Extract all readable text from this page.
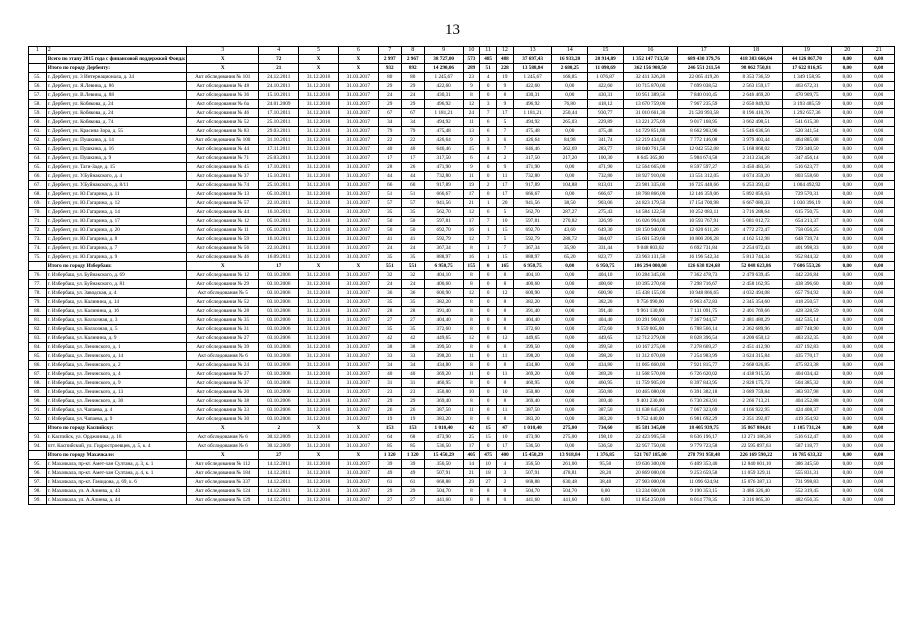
13
1	2	3	4	5	6	7	8	9	10	11	12	13	14	15	16	17	18	19	20	21
	Всего по этапу 2015 года с финансовой поддержкой Фонда:	X	72	X	X	2 997	2 967	38 727,00	573	485	488	37 697,43	16 933,20	20 914,09	1 352 147 713,50	689 430 379,76	418 383 666,04	44 126 867,70	0,00	0,00
	Итого по городу Дербенту:	X	21	X	X	932	892	14 290,06	289	51	228	13 588,84	2 680,25	11 098,69	362 156 908,50	246 551 211,54	98 062 750,81	17 622 816,95	0,00	0,00
55.	г. Дербент, ул. 3 Интернационала, д. 34	Акт обследования № 101	24.12.2011	31.12.2016	31.03.2017	80	80	1 245,67	23	4	19	1 245,67	168,85	1 076,87	32 411 326,20	22 065 419,26	8 353 736,59	1 349 158,95	0,00	0,00
56.	г. Дербент, ул. Я.Левина, д. 86	Акт обследования № 48	24.10.2011	31.12.2016	31.03.2017	29	29	422,60	9	0	9	422,60	0,00	422,60	10 715 870,00	7 699 038,52	2 563 159,17	463 672,31	0,00	0,00
57.	г. Дербент, ул. В.Левина, д. 88	Акт обследования № 36	15.10.2011	31.12.2016	31.03.2017	24	24	430,31	8	0	8	430,31	0,00	430,31	10 951 389,56	7 840 010,45	2 646 469,20	470 909,75	0,00	0,00
58.	г. Дербент, ул. Кобякова, д. 24	Акт обследования № 6а	24.01.2009	31.12.2016	31.03.2017	29	29	496,92	12	3	9	496,92	76,80	418,12	13 670 759,00	7 967 235,59	2 650 849,92	3 193 485,59	0,00	0,00
59.	г. Дербент, ул. Кобякова, д. 24	Акт обследования № 46	17.10.2011	31.12.2016	31.03.2017	67	67	1 181,21	24	7	17	1 181,21	250,44	930,77	31 010 661,30	21 520 993,58	8 196 410,76	1 292 657,36	0,00	0,00
60.	г. Дербент, ул. Кобякова, д. 74	Акт обследования № 52	25.10.2011	31.12.2016	31.03.2017	34	34	494,92	11	6	5	494,92	265,03	229,89	13 221 275,69	9 017 168,95	3 662 490,51	541 615,30	0,00	0,00
61.	г. Дербент, ул. Красина Зора, д. 55	Акт обследования № 83	29.03.2011	31.12.2016	31.03.2017	79	79	475,48	13	6	7	475,48	0,00	475,48	14 729 851,80	8 662 903,90	5 546 636,56	520 341,54	0,00	0,00
62.	г. Дербент, ул. Пушкина, д. 14	Акт обследования № 100	31.10.2011	31.12.2016	31.03.2017	22	22	426,64	9	3	6	426,64	84,98	341,74	12 219 434,60	7 772 146,08	3 979 403,44	464 885,08	0,00	0,00
63.	г. Дербент, ул. Пушкина, д. 16	Акт обследования № 44	17.11.2011	31.12.2016	31.03.2017	40	40	646,46	15	8	7	646,46	362,69	283,77	18 040 761,50	12 042 552,08	5 168 868,02	729 340,50	0,00	0,00
64.	г. Дербент, ул. Пушкина, д. 9	Акт обследования № 71	25.03.2011	31.12.2016	31.03.2017	17	17	317,50	6	4	2	317,50	217,20	100,30	8 645 365,80	5 984 674,58	2 313 234,28	347 456,14	0,00	0,00
65.	г. Дербент, ул. Таги-Заде, д. 15	Акт обследования № 45	17.10.2011	31.12.2016	31.03.2017	28	26	471,90	9	0	9	471,90	0,00	471,90	12 564 665,00	8 597 597,27	3 450 483,56	516 623,77	0,00	0,00
66.	г. Дербент, ул. У.Буйнакского, д. 4	Акт обследования № 37	15.10.2011	31.12.2016	31.03.2017	44	44	732,80	11	0	11	732,80	0,00	732,80	18 927 910,00	13 551 312,05	4 674 359,20	803 558,60	0,00	0,00
67.	г. Дербент, ул. У.Буйнакского, д. 8/11	Акт обследования № 74	25.10.2011	31.12.2016	31.03.2017	66	60	917,89	19	2	17	917,89	104,88	813,01	23 981 335,00	16 725 448,66	6 253 393,42	1 004 492,92	0,00	0,00
68.	г. Дербент, ул. Ю.Гагарина, д. 11	Акт обследования № 13	05.10.2011	31.12.2016	31.03.2017	51	51	666,67	17	0	17	666,67	0,00	666,67	18 768 866,00	12 146 359,06	5 892 856,63	729 570,31	0,00	0,00
69.	г. Дербент, ул. Ю.Гагарина, д. 12	Акт обследования № 57	22.10.2011	31.12.2016	31.03.2017	57	57	941,56	21	1	20	941,56	38,50	903,06	24 823 179,50	17 154 700,98	6 667 080,33	1 030 396,19	0,00	0,00
70.	г. Дербент, ул. Ю.Гагарина, д. 14	Акт обследования № 44	16.10.2011	31.12.2016	31.03.2017	35	35	562,70	12	6	5	562,70	287,27	275,43	14 584 122,50	10 252 083,11	3 716 288,64	615 750,75	0,00	0,00
71.	г. Дербент, ул. Ю.Гагарина, д. 17	Акт обследования № 12	05.10.2011	31.12.2016	31.03.2017	50	50	597,81	17	7	10	597,81	270,82	326,99	16 026 994,00	10 593 767,91	5 081 012,72	654 213,37	0,00	0,00
72.	г. Дербент, ул. Ю.Гагарина, д. 20	Акт обследования № 11	05.10.2011	31.12.2016	31.03.2017	50	50	692,70	16	1	15	692,70	43,60	649,30	18 150 940,00	12 620 611,26	4 772 272,47	758 056,25	0,00	0,00
73.	г. Дербент, ул. Ю.Гагарина, д. 8	Акт обследования № 59	16.10.2011	31.12.2016	31.03.2017	41	41	592,79	12	7	5	592,79	288,72	304,07	15 601 539,60	10 800 206,28	4 162 512,98	648 739,74	0,00	0,00
74.	г. Дербент, ул. Ю.Гагарина, д. 7	Акт обследования № 56	22.10.2011	31.12.2016	31.03.2017	24	24	367,34	8	1	7	367,34	35,90	331,44	9 048 803,02	6 692 731,84	2 254 072,43	401 998,33	0,00	0,00
75.	г. Дербент, ул. Ю.Гагарина, д. 9	Акт обследования № 46	16.09.2011	31.12.2016	31.03.2017	35	35	888,97	16	1	15	888,97	65,20	823,77	23 963 131,50	16 196 542,34	5 813 744,34	952 844,32	0,00	0,00
	Итого по городу Избербаш:	X	17	X	X	551	551	6 950,75	155	0	165	6 950,75	0,00	6 950,75	186 294 000,00	126 638 824,68	52 048 623,86	7 606 553,26	0,00	0,00
76.	г. Избербаш, ул. Буйнакского, д. 69	Акт обследования № 12	03.10.2006	31.12.2016	31.03.2017	32	32	404,10	8	0	8	404,10	0,00	404,10	10 284 345,00	7 362 478,73	2 479 639,45	442 226,84	0,00	0,00
77.	г. Избербаш, ул. Буйнакского, д. 81	Акт обследования № 29	03.10.2006	31.12.2016	31.03.2017	24	24	400,60	8	0	8	400,60	0,00	400,60	10 395 270,60	7 298 716,67	2 458 162,95	438 396,60	0,00	0,00
78.	г. Избербаш, ул. Заводская, д. 4	Акт обследования № 5	03.10.2006	31.12.2016	31.03.2017	36	36	600,90	12	0	12	600,90	0,00	600,90	15 438 155,00	10 948 866,65	4 032 494,08	657 794,92	0,00	0,00
79.	г. Избербаш, ул. Калинина, д. 14	Акт обследования № 52	03.10.2006	31.12.2016	31.03.2017	35	35	382,20	8	0	8	382,20	0,00	382,20	9 756 990,00	6 963 472,83	2 345 354,60	418 250,57	0,00	0,00
80.	г. Избербаш, ул. Калинина, д. 16	Акт обследования № 28	03.10.2006	31.12.2016	31.03.2017	28	28	391,40	8	0	8	391,40	0,00	391,40	9 961 130,00	7 131 091,75	2 401 769,66	428 328,59	0,00	0,00
81.	г. Избербаш, ул. Колхозная, д. 3	Акт обследования № 35	03.10.2006	31.12.2016	31.03.2017	27	27	404,40	8	0	8	404,40	0,00	404,40	10 291 960,00	7 367 944,57	2 481 480,29	442 535,14	0,00	0,00
82.	г. Избербаш, ул. Колхозная, д. 5	Акт обследования № 31	03.10.2006	31.12.2016	31.03.2017	35	35	372,60	8	0	8	372,60	0,00	372,60	9 559 005,00	6 788 566,14	2 362 689,96	407 748,90	0,00	0,00
83.	г. Избербаш, ул. Калинина, д. 9	Акт обследования № 27	03.10.2006	31.12.2016	31.03.2017	42	42	449,65	12	0	12	449,65	0,00	449,65	12 712 279,00	8 028 396,54	4 200 650,12	483 232,35	0,00	0,00
84.	г. Избербаш, ул. Ленинского, д. 1	Акт обследования № 39	03.10.2006	31.12.2016	31.03.2017	38	38	399,50	8	0	8	399,50	0,00	399,50	10 167 275,00	7 278 669,27	2 451 412,90	437 192,83	0,00	0,00
85.	г. Избербаш, ул. Ленинского, д. 14	Акт обследования № 6	03.10.2006	31.12.2016	31.03.2017	33	33	398,20	11	0	11	398,20	0,00	398,20	11 312 070,00	7 254 983,99	3 624 315,84	435 770,17	0,00	0,00
86.	г. Избербаш, ул. Ленинского, д. 2	Акт обследования № 24	03.10.2006	31.12.2016	31.03.2017	34	34	434,80	8	0	8	434,80	0,00	434,80	11 065 660,00	7 921 815,77	2 668 026,85	475 823,38	0,00	0,00
87.	г. Избербаш, ул. Ленинского, д. 4	Акт обследования № 27	03.10.2006	31.12.2016	31.03.2017	40	40	369,20	11	0	11	369,20	0,00	369,20	11 568 570,00	6 726 620,02	4 438 915,56	404 034,42	0,00	0,00
88.	г. Избербаш, ул. Ленинского, д. 9	Акт обследования № 37	03.10.2006	31.12.2016	31.03.2017	31	31	460,95	8	0	8	460,95	0,00	460,95	11 759 905,00	8 397 843,95	2 828 175,73	504 385,32	0,00	0,00
89.	г. Избербаш, ул. Ленинского, д. 13	Акт обследования № 20	03.10.2006	31.12.2016	31.03.2017	23	23	350,80	10	0	10	350,80	0,00	350,80	10 465 080,00	6 391 382,18	3 689 759,84	383 937,98	0,00	0,00
90.	г. Избербаш, ул. Ленинского, д. 30	Акт обследования № 38	03.10.2006	31.12.2016	31.03.2017	29	29	369,40	8	0	8	369,40	0,00	369,40	9 401 230,00	6 730 263,91	2 266 713,21	404 252,88	0,00	0,00
91.	г. Избербаш, ул. Чапаева, д. 4	Акт обследования № 33	03.10.2006	31.12.2016	31.03.2017	26	26	387,50	11	0	11	387,50	0,00	387,50	11 638 645,00	7 067 323,69	4 166 922,95	424 408,37	0,00	0,00
92.	г. Избербаш, ул. Чапаева, д. 9	Акт обследования № 30	03.10.2006	31.12.2016	31.03.2017	19	19	383,20	8	0	8	383,20	0,00	383,20	9 752 440,00	6 981 692,29	2 351 392,87	419 354,92	0,00	0,00
	Итого по городу Каспийску:	X	2	X	X	153	153	1 010,40	42	15	47	1 010,40	275,00	734,60	85 581 345,00	18 405 939,75	35 867 884,01	1 105 731,24	0,00	0,00
93.	г. Каспийск, ул. Орджоника, д. 16	Акт обследования № 6	30.12.2009	31.12.2016	31.03.2017	64	68	473,90	25	15	10	473,90	275,00	198,10	22 423 995,50	8 636 196,17	13 271 186,36	516 612,47	0,00	0,00
94.	пгт. Каспийский, ул. Гидростроевцев, д. 5, к. 4	Акт обследования № 6	30.12.2009	31.12.2016	31.03.2017	85	85	536,50	17	0	17	536,50	0,00	536,50	32 957 750,00	9 779 723,58	22 595 897,63	587 118,77	0,00	0,00
	Итого по городу Махачкале:	X	27	X	X	1 320	1 320	15 450,29	405	475	400	15 450,29	13 918,84	1 376,85	521 767 185,00	278 791 958,48	226 169 590,22	16 785 633,32	0,00	0,00
95.	г. Махачкала, пр-кт. Амет-хан Султана, д. 3, к. 1	Акт обследования № 112	14.12.2011	31.12.2016	31.03.2017	39	39	356,50	14	10	4	356,50	261,00	95,50	19 636 300,00	6 409 353,40	12 840 601,10	386 345,50	0,00	0,00
96.	г. Махачкала, пр-кт. Амет-хан Султана, д. 4, к. 1	Акт обследования № 184	14.12.2011	31.12.2016	31.03.2017	49	49	507,91	21	18	3	507,91	478,81	28,20	20 869 000,00	9 253 659,58	11 059 329,11	555 831,31	0,00	0,00
97.	г. Махачкала, пр-кт. Гамидова, д. 69, к. 6	Акт обследования № 337	14.12.2011	31.12.2016	31.03.2017	61	61	668,88	29	27	2	668,88	630,48	38,40	27 903 000,00	11 096 624,94	15 076 387,13	731 998,83	0,00	0,00
98.	г. Махачкала, ул. А.Алиева, д. 43	Акт обследования № 124	14.12.2011	31.12.2016	31.03.2017	29	29	504,70	8	8	0	504,70	504,70	0,00	13 234 000,00	9 190 353,15	3 486 326,40	552 319,45	0,00	0,00
99.	г. Махачкала, ул. А.Алиева, д. 44	Акт обследования № 129	14.12.2011	31.12.2016	31.03.2017	27	27	441,60	8	8	0	441,60	441,60	0,00	11 854 250,00	8 014 778,35	3 316 865,30	482 656,35	0,00	0,00
